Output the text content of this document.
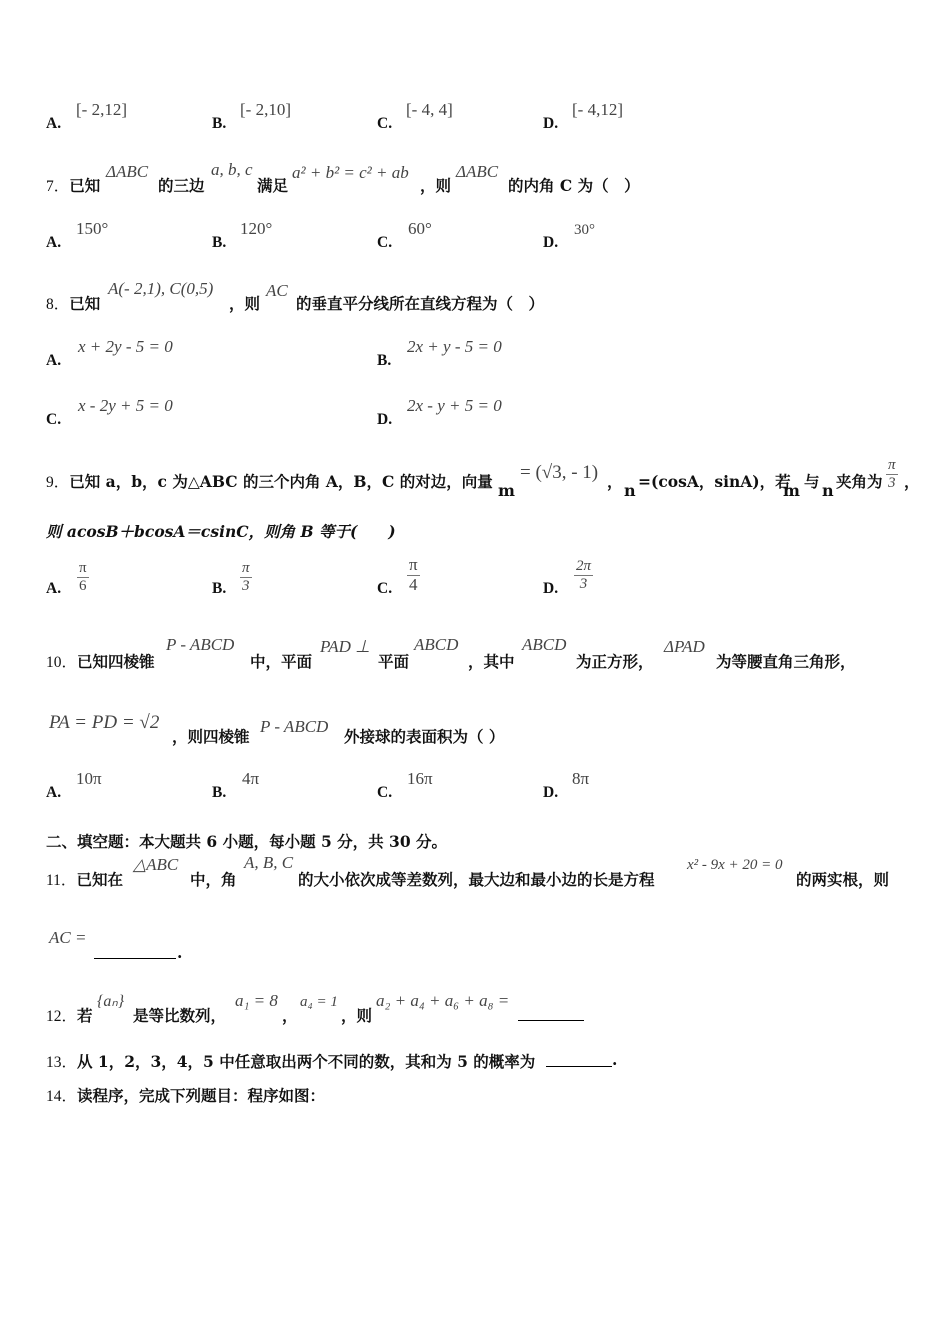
A.
[- 2,12]
B.
[- 2,10]
C.
[- 4, 4]
D.
[- 4,12]
7．已知
ΔABC
的三边
a, b, c
满足
a² + b² = c² + ab
，则
ΔABC
的内角 C 为（　）
A.
150°
B.
120°
C.
60°
D.
30°
8．已知
A(- 2,1), C(0,5)
，则
AC
的垂直平分线所在直线方程为（　）
A.
x + 2y - 5 = 0
B.
2x + y - 5 = 0
C.
x - 2y + 5 = 0
D.
2x - y + 5 = 0
9．已知 a，b，c 为△ABC 的三个内角 A，B，C 的对边，向量 m
= (√3, - 1) ， n =(cosA，sinA)，若
m 与 n 夹角为 $\frac{\pi}{3}$ ，
则 acosB＋bcosA＝csinC，则角 B 等于(　　)
A. $\frac{\pi}{6}$	B. $\frac{\pi}{3}$	C. $\frac{\pi}{4}$	D. $\frac{2\pi}{3}$
10．已知四棱锥
P - ABCD
中，平面
PAD ⊥
平面
ABCD
，其中
ABCD
为正方形，
ΔPAD
为等腰直角三角形，
PA = PD = √2
，则四棱锥
P - ABCD
外接球的表面积为（ ）
A.
10π
B.
4π
C.
16π
D.
8π
二、填空题：本大题共 6 小题，每小题 5 分，共 30 分。
11．已知在
△ABC
中，角
A, B, C
的大小依次成等差数列，最大边和最小边的长是方程
x² - 9x + 20 = 0
的两实根，则
AC =
.
12．若
{aₙ}
是等比数列，
a₁ = 8
，
a₄ = 1
，则
a₂ + a₄ + a₆ + a₈ =
13．从 1，2，3，4，5 中任意取出两个不同的数，其和为 5 的概率为	.
14．读程序，完成下列题目：程序如图：
